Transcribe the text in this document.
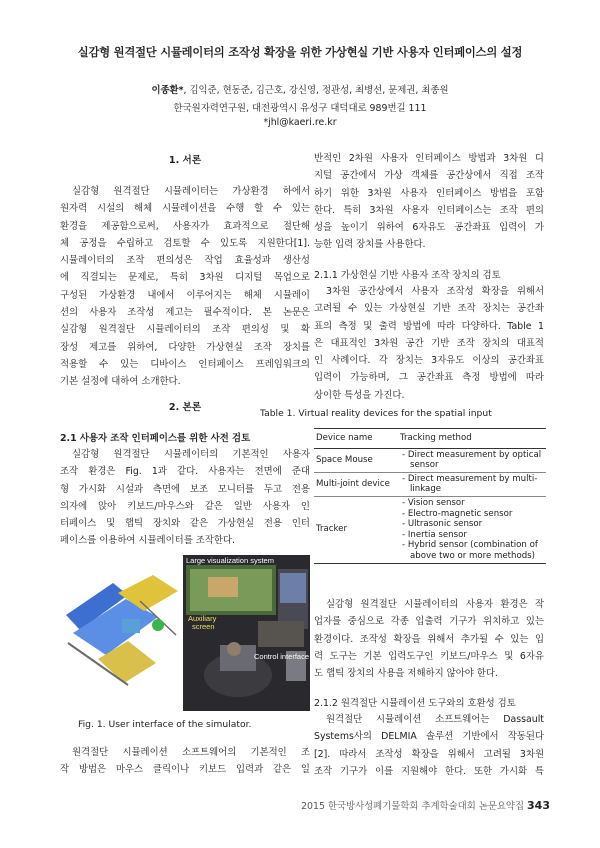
실감형 원격절단 시뮬레이터의 조작성 확장을 위한 가상현실 기반 사용자 인터페이스의 설정
이종환*, 김익준, 현동준, 김근호, 강신영, 정관성, 최병선, 문제권, 최종원
한국원자력연구원, 대전광역시 유성구 대덕대로 989번길 111
*jhl@kaeri.re.kr
1. 서론
실감형 원격절단 시뮬레이터는 가상환경 하에서
원자력 시설의 해체 시뮬레이션을 수행 할 수 있는
환경을 제공함으로써, 사용자가 효과적으로 절단해
체 공정을 수립하고 검토할 수 있도록 지원한다[1].
시뮬레이터의 조작 편의성은 작업 효율성과 생산성
에 직결되는 문제로, 특히 3차원 디지털 목업으로
구성된 가상환경 내에서 이루어지는 해체 시뮬레이
션의 사용자 조작성 제고는 필수적이다. 본 논문은
실감형 원격절단 시뮬레이터의 조작 편의성 및 확
장성 제고를 위하여, 다양한 가상현실 조작 장치를
적용할 수 있는 디바이스 인터페이스 프레임워크의
기본 설정에 대하여 소개한다.
2. 본론
2.1 사용자 조작 인터페이스를 위한 사전 검토
실감형 원격절단 시뮬레이터의 기본적인 사용자
조작 환경은 Fig. 1과 같다. 사용자는 전면에 준대
형 가시화 시설과 측면에 보조 모니터를 두고 전용
의자에 앉아 키보드/마우스와 같은 일반 사용자 인
터페이스 및 햅틱 장치와 같은 가상현실 전용 인터
페이스를 이용하여 시뮬레이터를 조작한다.
Large visualization system
Auxiliary screen
Control interface
Fig. 1. User interface of the simulator.
원격절단 시뮬레이션 소프트웨어의 기본적인 조
작 방법은 마우스 클릭이나 키보드 입력과 같은 일
반적인 2차원 사용자 인터페이스 방법과 3차원 디
지털 공간에서 가상 객체를 공간상에서 직접 조작
하기 위한 3차원 사용자 인터페이스 방법을 포함
한다. 특히 3차원 사용자 인터페이스는 조작 편의
성을 높이기 위하여 6자유도 공간좌표 입력이 가
능한 입력 장치를 사용한다.
2.1.1 가상현실 기반 사용자 조작 장치의 검토
3차원 공간상에서 사용자 조작성 확장을 위해서
고려될 수 있는 가상현실 기반 조작 장치는 공간좌
표의 측정 및 출력 방법에 따라 다양하다. Table 1
은 대표적인 3차원 공간 기반 조작 장치의 대표적
인 사례이다. 각 장치는 3자유도 이상의 공간좌표
입력이 가능하며, 그 공간좌표 측정 방법에 따라
상이한 특성을 가진다.
Table 1. Virtual reality devices for the spatial input
Device name	Tracking method
Space Mouse	- Direct measurement by optical sensor

Multi-joint device	- Direct measurement by multi-linkage

Tracker	- Vision sensor
- Electro-magnetic sensor
- Ultrasonic sensor
- Inertia sensor
- Hybrid sensor (combination of above two or more methods)
실감형 원격절단 시뮬레이터의 사용자 환경은 작
업자를 중심으로 각종 입출력 기구가 위치하고 있는
환경이다. 조작성 확장을 위해서 추가될 수 있는 입
력 도구는 기본 입력도구인 키보드/마우스 및 6자유
도 햅틱 장치의 사용을 저해하지 않아야 한다.
2.1.2 원격절단 시뮬레이션 도구와의 호환성 검토
원격절단 시뮬레이션 소프트웨어는 Dassault
Systems사의 DELMIA 솔루션 기반에서 작동된다
[2]. 따라서 조작성 확장을 위해서 고려될 3차원
조작 기구가 이를 지원해야 한다. 또한 가시화 특
2015 한국방사성폐기물학회 추계학술대회 논문요약집 343
